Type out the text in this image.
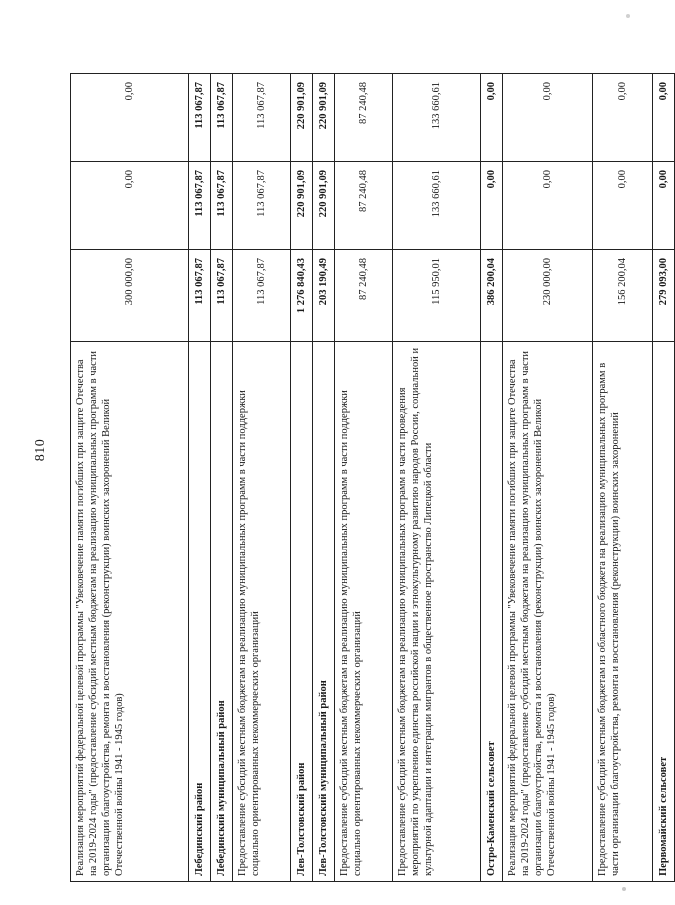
810	Реализация мероприятий федеральной целевой программы "Увековечение памяти погибших при защите Отечества на 2019-2024 годы" (предоставление субсидий местным бюджетам на реализацию муниципальных программ в части организации благоустройства, ремонта и восстановления (реконструкции) воинских захоронений Великой Отечественной войны 1941 - 1945 годов)	300 000,00	0,00	0,00
Лебединский район	113 067,87	113 067,87	113 067,87
Лебединский муниципальный район	113 067,87	113 067,87	113 067,87
Предоставление субсидий местным бюджетам на реализацию муниципальных программ в части поддержки социально ориентированных некоммерческих организаций	113 067,87	113 067,87	113 067,87
Лев-Толстовский район	1 276 840,43	220 901,09	220 901,09
Лев-Толстовский муниципальный район	203 190,49	220 901,09	220 901,09
Предоставление субсидий местным бюджетам на реализацию муниципальных программ в части поддержки социально ориентированных некоммерческих организаций	87 240,48	87 240,48	87 240,48
Предоставление субсидий местным бюджетам на реализацию муниципальных программ в части проведения мероприятий по укреплению единства российской нации и этнокультурному развитию народов России, социальной и культурной адаптации и интеграции мигрантов в общественное пространство Липецкой области	115 950,01	133 660,61	133 660,61
Остро-Каменский сельсовет	386 200,04	0,00	0,00
Реализация мероприятий федеральной целевой программы "Увековечение памяти погибших при защите Отечества на 2019-2024 годы" (предоставление субсидий местным бюджетам на реализацию муниципальных программ в части организации благоустройства, ремонта и восстановления (реконструкции) воинских захоронений Великой Отечественной войны 1941 - 1945 годов)	230 000,00	0,00	0,00
Предоставление субсидий местным бюджетам из областного бюджета на реализацию муниципальных программ в части организации благоустройства, ремонта и восстановления (реконструкции) воинских захоронений	156 200,04	0,00	0,00
Первомайский сельсовет	279 093,00	0,00	0,00
